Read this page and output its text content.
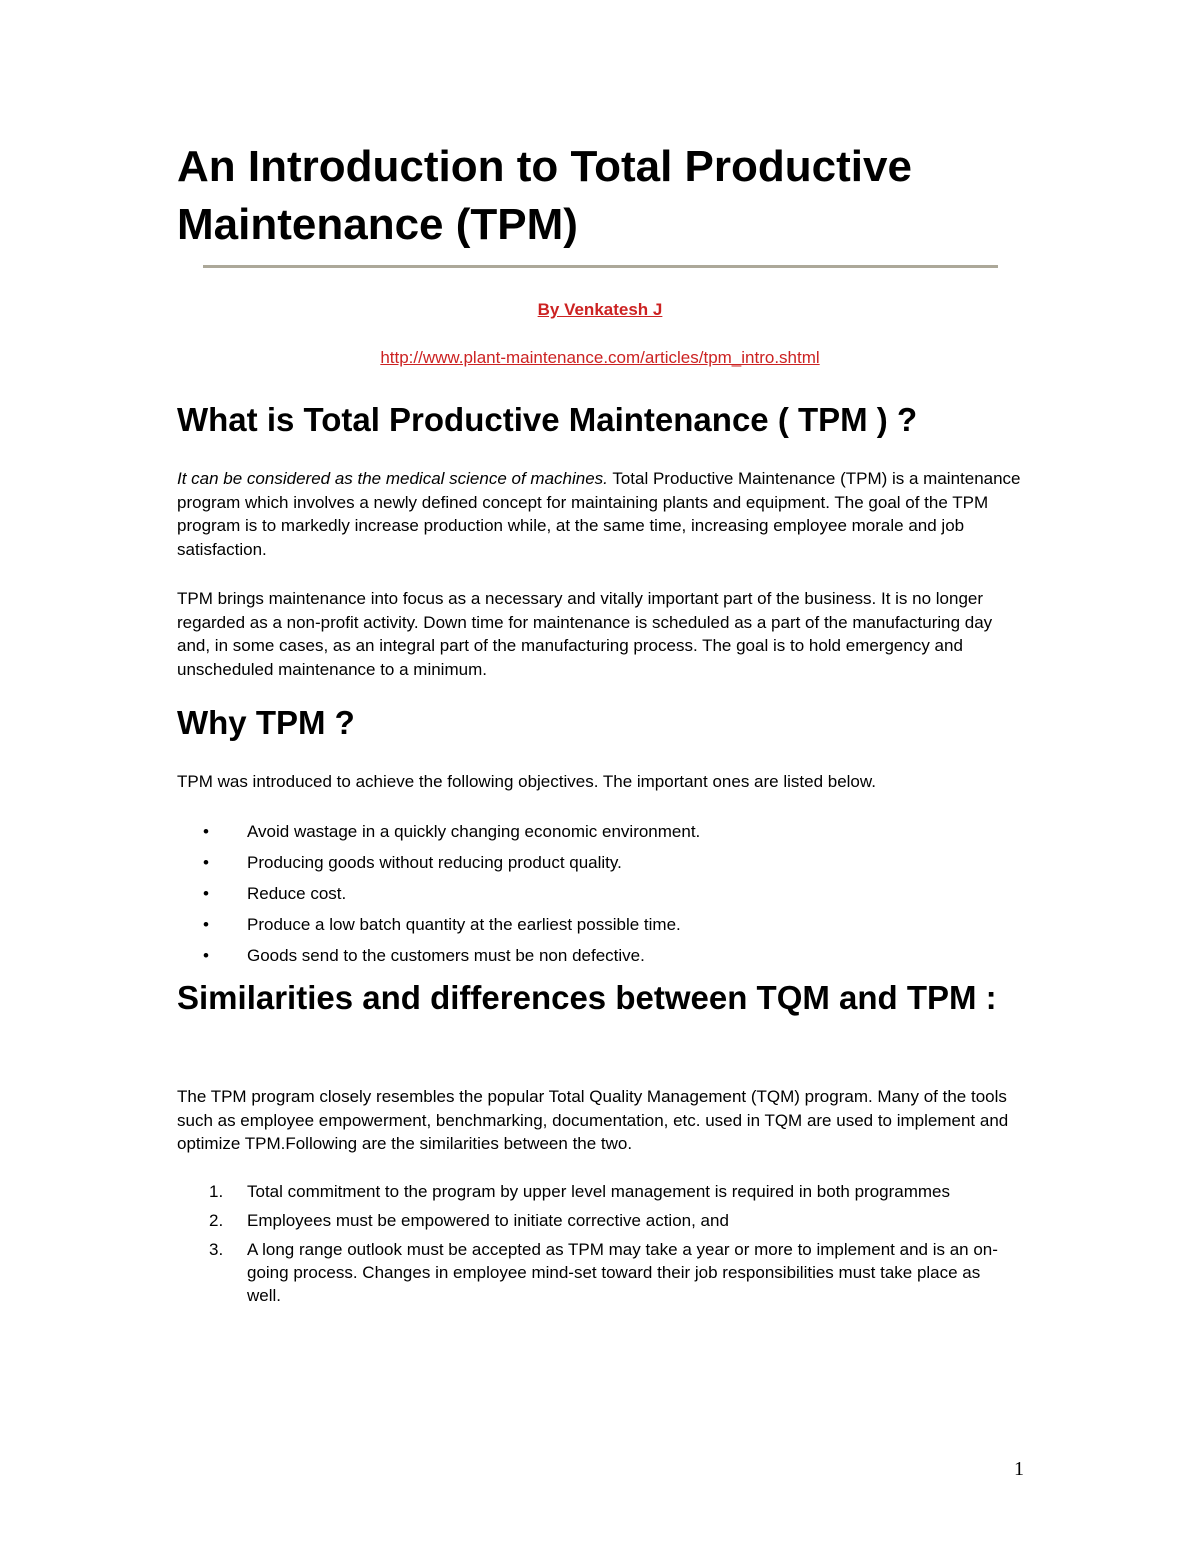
An Introduction to Total Productive Maintenance (TPM)
By Venkatesh J
http://www.plant-maintenance.com/articles/tpm_intro.shtml
What is Total Productive Maintenance ( TPM ) ?

It can be considered as the medical science of machines. Total Productive Maintenance (TPM) is a maintenance program which involves a newly defined concept for maintaining plants and equipment. The goal of the TPM program is to markedly increase production while, at the same time, increasing employee morale and job satisfaction.

TPM brings maintenance into focus as a necessary and vitally important part of the business. It is no longer regarded as a non-profit activity. Down time for maintenance is scheduled as a part of the manufacturing day and, in some cases, as an integral part of the manufacturing process. The goal is to hold emergency and unscheduled maintenance to a minimum.

Why TPM ?

TPM was introduced to achieve the following objectives. The important ones are listed below.

• Avoid wastage in a quickly changing economic environment.
• Producing goods without reducing product quality.
• Reduce cost.
• Produce a low batch quantity at the earliest possible time.
• Goods send to the customers must be non defective.
Similarities and differences between TQM and TPM :

The TPM program closely resembles the popular Total Quality Management (TQM) program. Many of the tools such as employee empowerment, benchmarking, documentation, etc. used in TQM are used to implement and optimize TPM.Following are the similarities between the two.

1. Total commitment to the program by upper level management is required in both programmes
2. Employees must be empowered to initiate corrective action, and
3. A long range outlook must be accepted as TPM may take a year or more to implement and is an on-going process. Changes in employee mind-set toward their job responsibilities must take place as well.
1
